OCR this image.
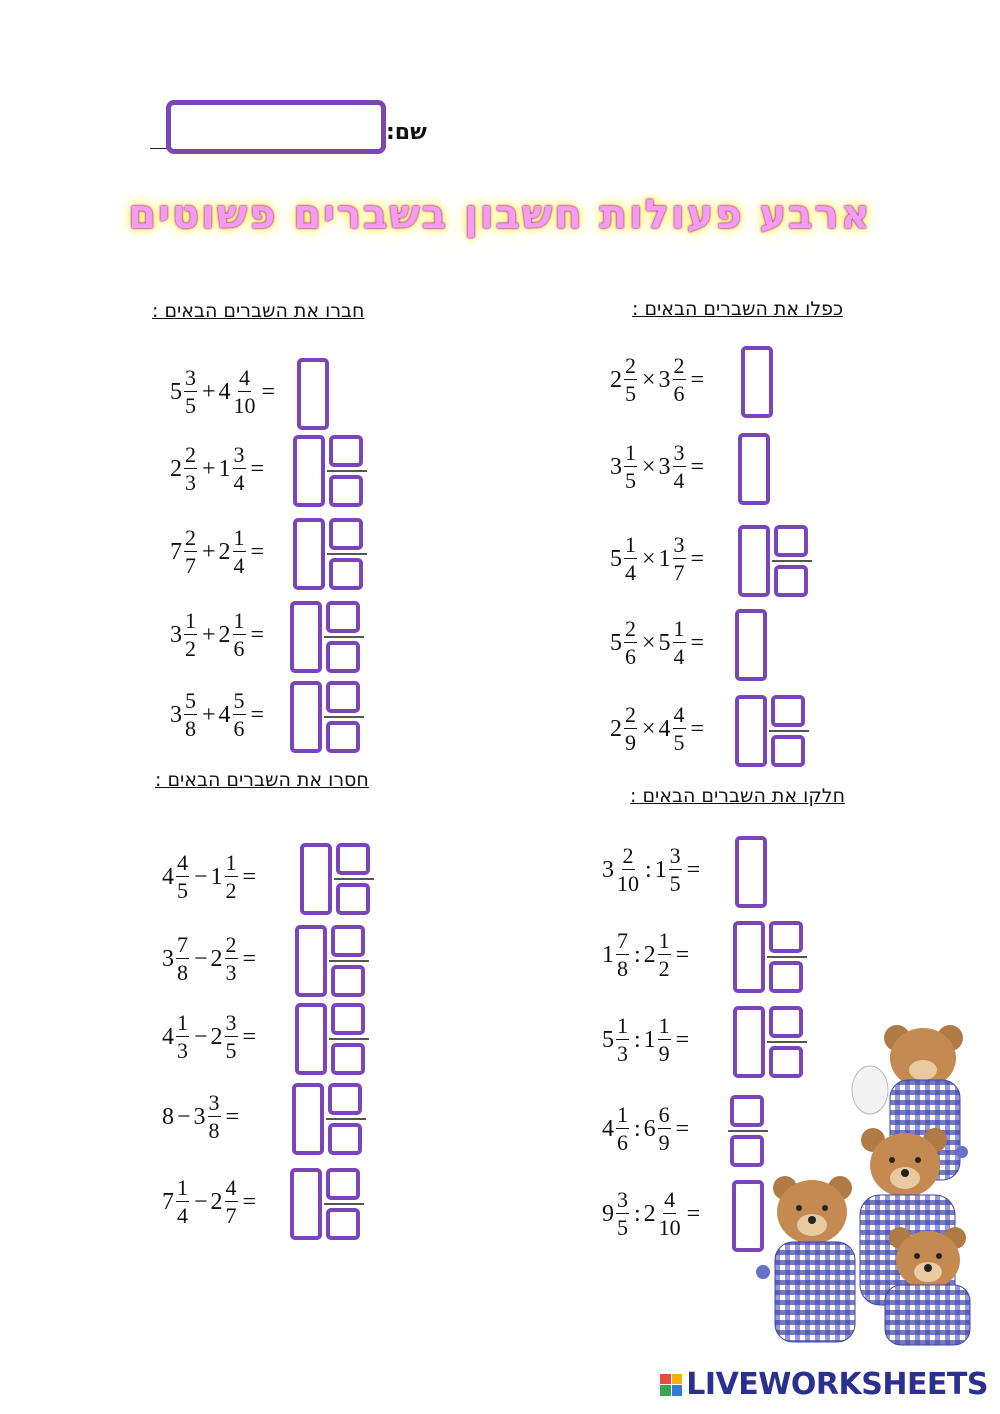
שם:
ארבע פעולות חשבון בשברים פשוטים
חברו את השברים הבאים :	כפלו את השברים הבאים :
חסרו את השברים הבאים :
חלקו את השברים הבאים :
$5 \frac{3}{5} + 4 \frac{4}{10}$ =
$2 \frac{2}{3} + 1 \frac{3}{4}$ =
$7 \frac{2}{7} + 2 \frac{1}{4}$ =
$3 \frac{1}{2} + 2 \frac{1}{6}$ =
$3 \frac{5}{8} + 4 \frac{5}{6}$ =
$2 \frac{2}{5} \times 3 \frac{2}{6}$ =
$3 \frac{1}{5} \times 3 \frac{3}{4}$ =
$5 \frac{1}{4} \times 1 \frac{3}{7}$ =
$5 \frac{2}{6} \times 5 \frac{1}{4}$ =
$2 \frac{2}{9} \times 4 \frac{4}{5}$ =
$4 \frac{4}{5} - 1 \frac{1}{2}$ =
$3 \frac{7}{8} - 2 \frac{2}{3}$ =
$4 \frac{1}{3} - 2 \frac{3}{5}$ =
$8 - 3 \frac{3}{8}$ =
$7 \frac{1}{4} - 2 \frac{4}{7}$ =
$3 \frac{2}{10}$ : $1 \frac{3}{5}$ =
$1 \frac{7}{8}$ : $2 \frac{1}{2}$ =
$5 \frac{1}{3}$ : $1 \frac{1}{9}$ =
$4 \frac{1}{6}$ : $6 \frac{6}{9}$ =
$9 \frac{3}{5}$ : $2 \frac{4}{10}$ =
LIVEWORKSHEETS
